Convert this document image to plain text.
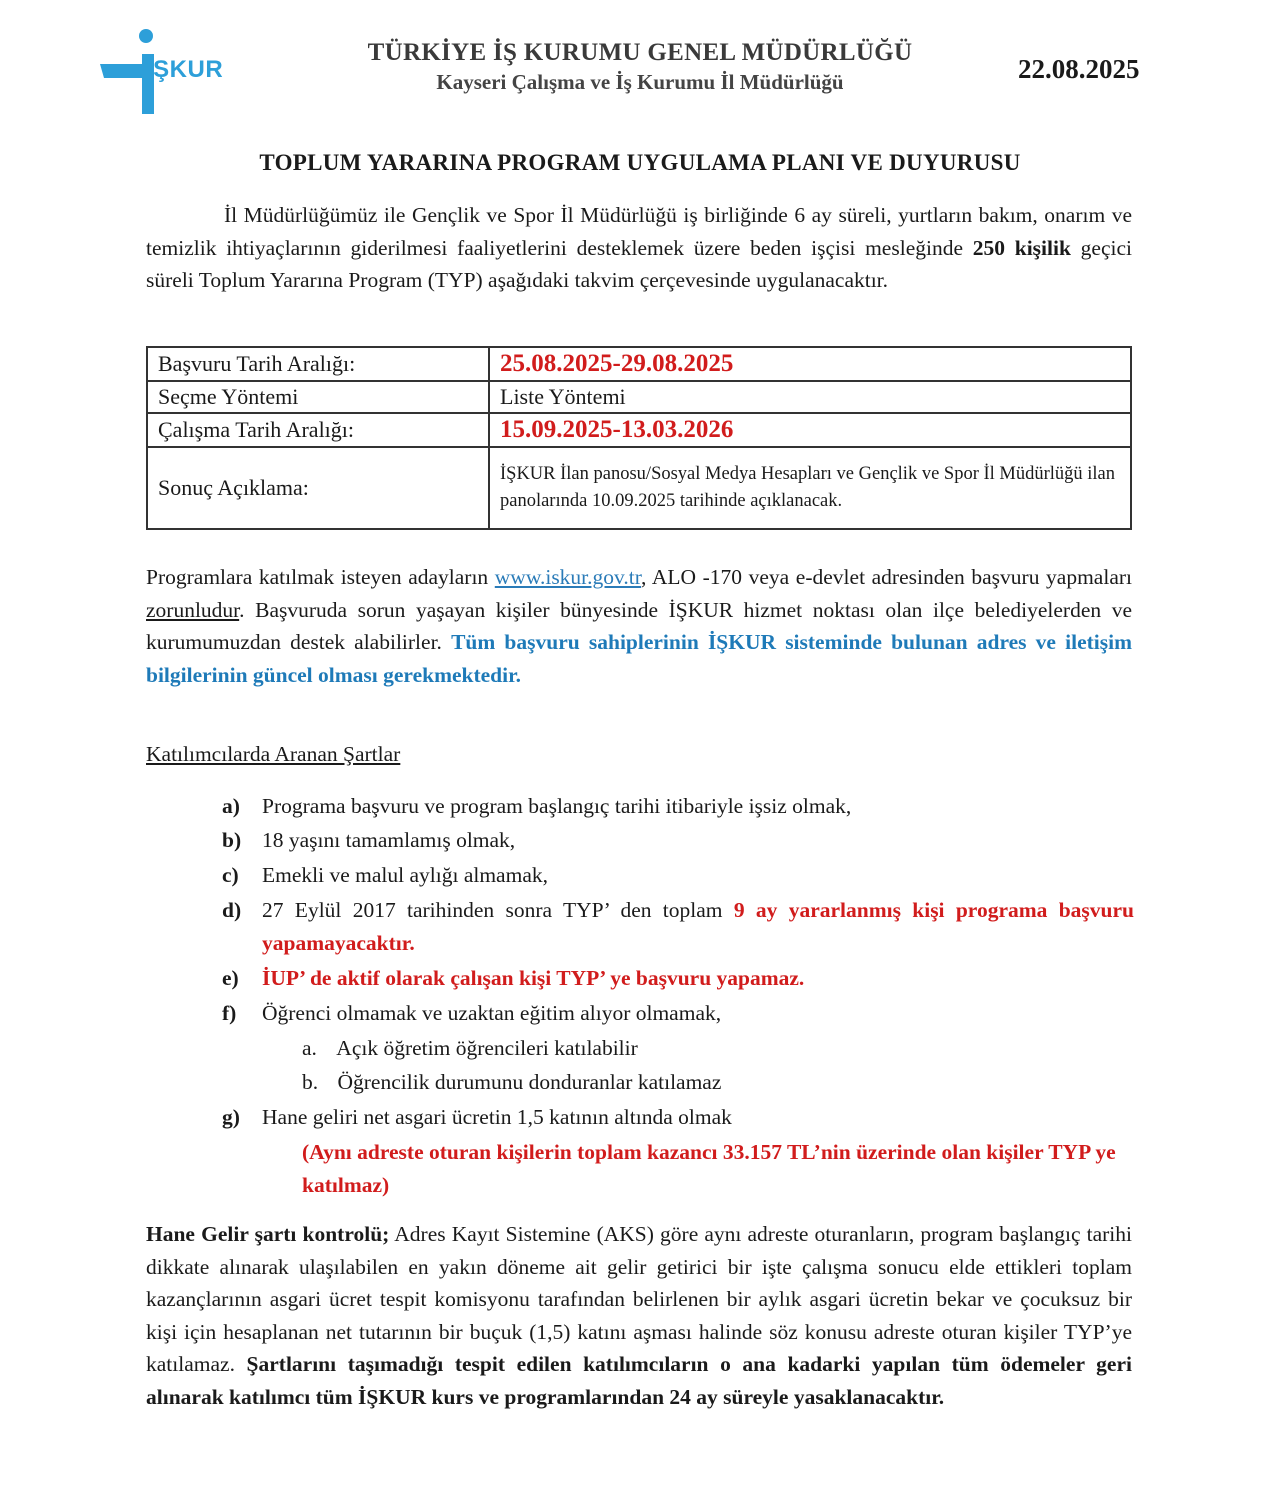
İŞKUR
TÜRKİYE İŞ KURUMU GENEL MÜDÜRLÜĞÜ
Kayseri Çalışma ve İş Kurumu İl Müdürlüğü	22.08.2025
TOPLUM YARARINA PROGRAM UYGULAMA PLANI VE DUYURUSU
İl Müdürlüğümüz ile Gençlik ve Spor İl Müdürlüğü iş birliğinde 6 ay süreli, yurtların bakım, onarım ve temizlik ihtiyaçlarının giderilmesi faaliyetlerini desteklemek üzere beden işçisi mesleğinde 250 kişilik geçici süreli Toplum Yararına Program (TYP) aşağıdaki takvim çerçevesinde uygulanacaktır.
Başvuru Tarih Aralığı:	25.08.2025-29.08.2025
Seçme Yöntemi	Liste Yöntemi
Çalışma Tarih Aralığı:	15.09.2025-13.03.2026
Sonuç Açıklama:	İŞKUR İlan panosu/Sosyal Medya Hesapları ve Gençlik ve Spor İl Müdürlüğü ilan panolarında 10.09.2025 tarihinde açıklanacak.
Programlara katılmak isteyen adayların www.iskur.gov.tr, ALO -170 veya e-devlet adresinden başvuru yapmaları zorunludur. Başvuruda sorun yaşayan kişiler bünyesinde İŞKUR hizmet noktası olan ilçe belediyelerden ve kurumumuzdan destek alabilirler. Tüm başvuru sahiplerinin İŞKUR sisteminde bulunan adres ve iletişim bilgilerinin güncel olması gerekmektedir.
Katılımcılarda Aranan Şartlar
a) Programa başvuru ve program başlangıç tarihi itibariyle işsiz olmak,
b) 18 yaşını tamamlamış olmak,
c) Emekli ve malul aylığı almamak,
d) 27 Eylül 2017 tarihinden sonra TYP’ den toplam 9 ay yararlanmış kişi programa başvuru yapamayacaktır.
e) İUP’ de aktif olarak çalışan kişi TYP’ ye başvuru yapamaz.
f) Öğrenci olmamak ve uzaktan eğitim alıyor olmamak,
a. Açık öğretim öğrencileri katılabilir
b. Öğrencilik durumunu donduranlar katılamaz
g) Hane geliri net asgari ücretin 1,5 katının altında olmak
(Aynı adreste oturan kişilerin toplam kazancı 33.157 TL’nin üzerinde olan kişiler TYP ye katılmaz)
Hane Gelir şartı kontrolü; Adres Kayıt Sistemine (AKS) göre aynı adreste oturanların, program başlangıç tarihi dikkate alınarak ulaşılabilen en yakın döneme ait gelir getirici bir işte çalışma sonucu elde ettikleri toplam kazançlarının asgari ücret tespit komisyonu tarafından belirlenen bir aylık asgari ücretin bekar ve çocuksuz bir kişi için hesaplanan net tutarının bir buçuk (1,5) katını aşması halinde söz konusu adreste oturan kişiler TYP’ye katılamaz. Şartlarını taşımadığı tespit edilen katılımcıların o ana kadarki yapılan tüm ödemeler geri alınarak katılımcı tüm İŞKUR kurs ve programlarından 24 ay süreyle yasaklanacaktır.
